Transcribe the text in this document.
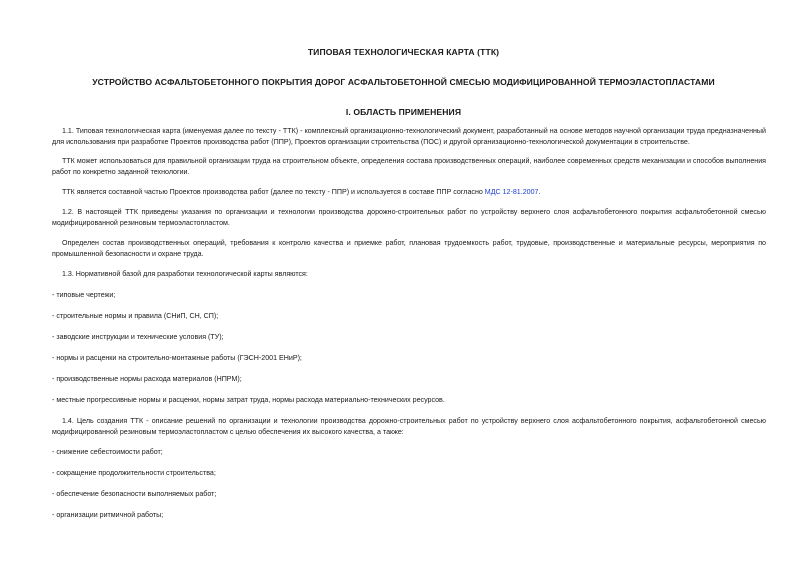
ТИПОВАЯ ТЕХНОЛОГИЧЕСКАЯ КАРТА (ТТК)
УСТРОЙСТВО АСФАЛЬТОБЕТОННОГО ПОКРЫТИЯ ДОРОГ АСФАЛЬТОБЕТОННОЙ СМЕСЬЮ МОДИФИЦИРОВАННОЙ ТЕРМОЭЛАСТОПЛАСТАМИ
I. ОБЛАСТЬ ПРИМЕНЕНИЯ
1.1. Типовая технологическая карта (именуемая далее по тексту - ТТК) - комплексный организационно-технологический документ, разработанный на основе методов научной организации труда предназначенный для использования при разработке Проектов производства работ (ППР), Проектов организации строительства (ПОС) и другой организационно-технологической документации в строительстве.
ТТК может использоваться для правильной организации труда на строительном объекте, определения состава производственных операций, наиболее современных средств механизации и способов выполнения работ по конкретно заданной технологии.
ТТК является составной частью Проектов производства работ (далее по тексту - ППР) и используется в составе ППР согласно МДС 12-81.2007.
1.2. В настоящей ТТК приведены указания по организации и технологии производства дорожно-строительных работ по устройству верхнего слоя асфальтобетонного покрытия асфальтобетонной смесью модифицированной резиновым термоэластопластом.
Определен состав производственных операций, требования к контролю качества и приемке работ, плановая трудоемкость работ, трудовые, производственные и материальные ресурсы, мероприятия по промышленной безопасности и охране труда.
1.3. Нормативной базой для разработки технологической карты являются:
- типовые чертежи;
- строительные нормы и правила (СНиП, СН, СП);
- заводские инструкции и технические условия (ТУ);
- нормы и расценки на строительно-монтажные работы (ГЭСН-2001 ЕНиР);
- производственные нормы расхода материалов (НПРМ);
- местные прогрессивные нормы и расценки, нормы затрат труда, нормы расхода материально-технических ресурсов.
1.4. Цель создания ТТК - описание решений по организации и технологии производства дорожно-строительных работ по устройству верхнего слоя асфальтобетонного покрытия, асфальтобетонной смесью модифицированной резиновым термоэластопластом с целью обеспечения их высокого качества, а также:
- снижение себестоимости работ;
- сокращение продолжительности строительства;
- обеспечение безопасности выполняемых работ;
- организации ритмичной работы;
